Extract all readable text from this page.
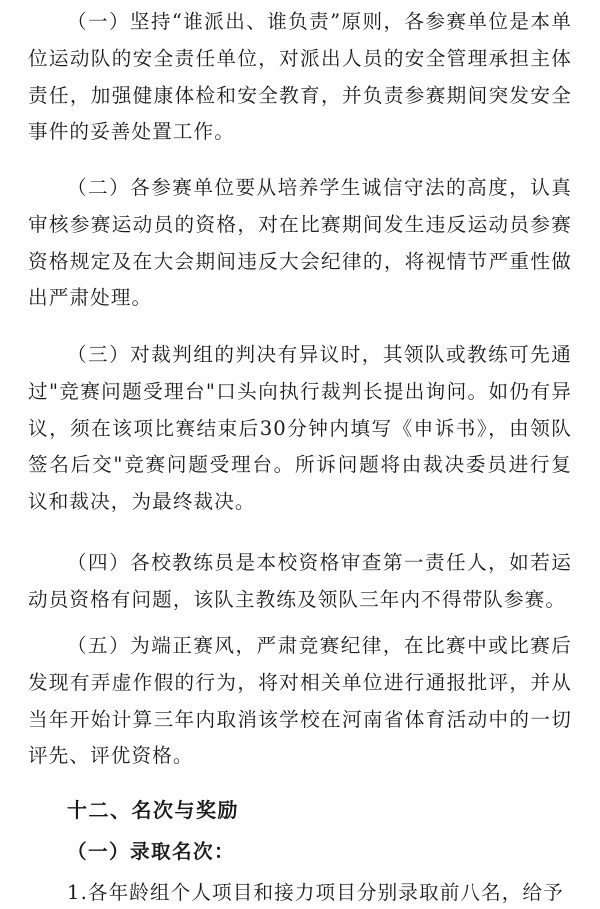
（一）坚持“谁派出、谁负责”原则，各参赛单位是本单位运动队的安全责任单位，对派出人员的安全管理承担主体责任，加强健康体检和安全教育，并负责参赛期间突发安全事件的妥善处置工作。

（二）各参赛单位要从培养学生诚信守法的高度，认真审核参赛运动员的资格，对在比赛期间发生违反运动员参赛资格规定及在大会期间违反大会纪律的，将视情节严重性做出严肃处理。

（三）对裁判组的判决有异议时，其领队或教练可先通过"竞赛问题受理台"口头向执行裁判长提出询问。如仍有异议，须在该项比赛结束后30分钟内填写《申诉书》，由领队签名后交"竞赛问题受理台。所诉问题将由裁决委员进行复议和裁决，为最终裁决。

（四）各校教练员是本校资格审查第一责任人，如若运动员资格有问题，该队主教练及领队三年内不得带队参赛。

（五）为端正赛风，严肃竞赛纪律，在比赛中或比赛后发现有弄虚作假的行为，将对相关单位进行通报批评，并从当年开始计算三年内取消该学校在河南省体育活动中的一切评先、评优资格。

十二、名次与奖励
（一）录取名次：

1.各年龄组个人项目和接力项目分别录取前八名，给予
